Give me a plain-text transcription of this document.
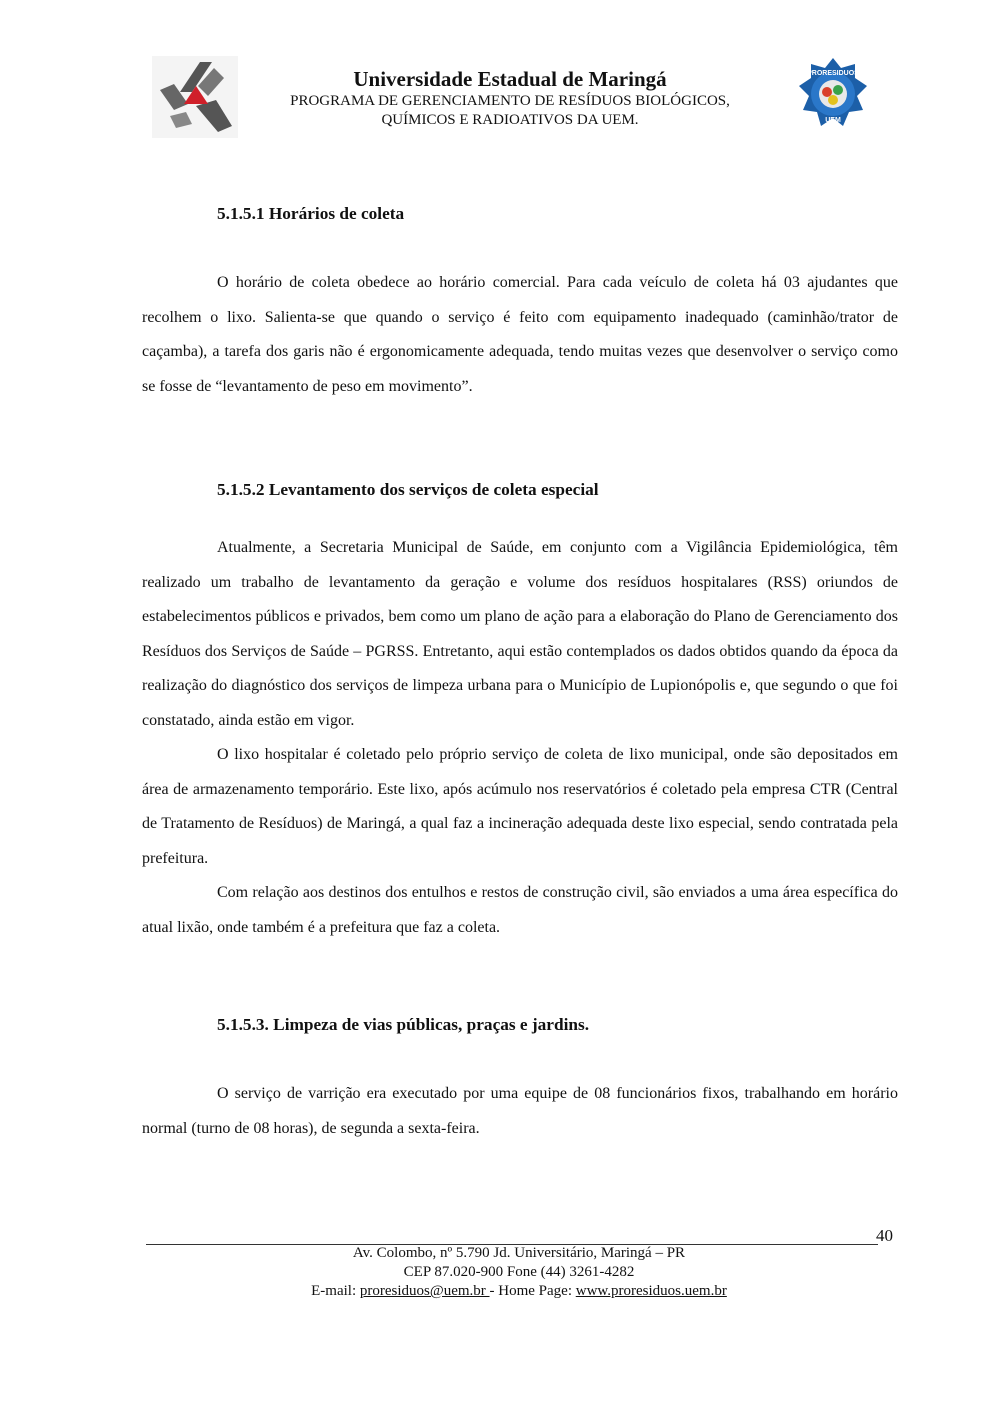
Universidade Estadual de Maringá
PROGRAMA DE GERENCIAMENTO DE RESÍDUOS BIOLÓGICOS,
QUÍMICOS E RADIOATIVOS DA UEM.
PRORESIDUOS
UEM
5.1.5.1 Horários de coleta

O horário de coleta obedece ao horário comercial. Para cada veículo de coleta há 03 ajudantes que recolhem o lixo. Salienta-se que quando o serviço é feito com equipamento inadequado (caminhão/trator de caçamba), a tarefa dos garis não é ergonomicamente adequada, tendo muitas vezes que desenvolver o serviço como se fosse de “levantamento de peso em movimento”.

5.1.5.2 Levantamento dos serviços de coleta especial

Atualmente, a Secretaria Municipal de Saúde, em conjunto com a Vigilância Epidemiológica, têm realizado um trabalho de levantamento da geração e volume dos resíduos hospitalares (RSS) oriundos de estabelecimentos públicos e privados, bem como um plano de ação para a elaboração do Plano de Gerenciamento dos Resíduos dos Serviços de Saúde – PGRSS. Entretanto, aqui estão contemplados os dados obtidos quando da época da realização do diagnóstico dos serviços de limpeza urbana para o Município de Lupionópolis e, que segundo o que foi constatado, ainda estão em vigor.

O lixo hospitalar é coletado pelo próprio serviço de coleta de lixo municipal, onde são depositados em área de armazenamento temporário. Este lixo, após acúmulo nos reservatórios é coletado pela empresa CTR (Central de Tratamento de Resíduos) de Maringá, a qual faz a incineração adequada deste lixo especial, sendo contratada pela prefeitura.

Com relação aos destinos dos entulhos e restos de construção civil, são enviados a uma área específica do atual lixão, onde também é a prefeitura que faz a coleta.

5.1.5.3. Limpeza de vias públicas, praças e jardins.

O serviço de varrição era executado por uma equipe de 08 funcionários fixos, trabalhando em horário normal (turno de 08 horas), de segunda a sexta-feira.

40
Av. Colombo, nº 5.790 Jd. Universitário, Maringá – PR
CEP 87.020-900 Fone (44) 3261-4282
E-mail: proresiduos@uem.br - Home Page: www.proresiduos.uem.br
